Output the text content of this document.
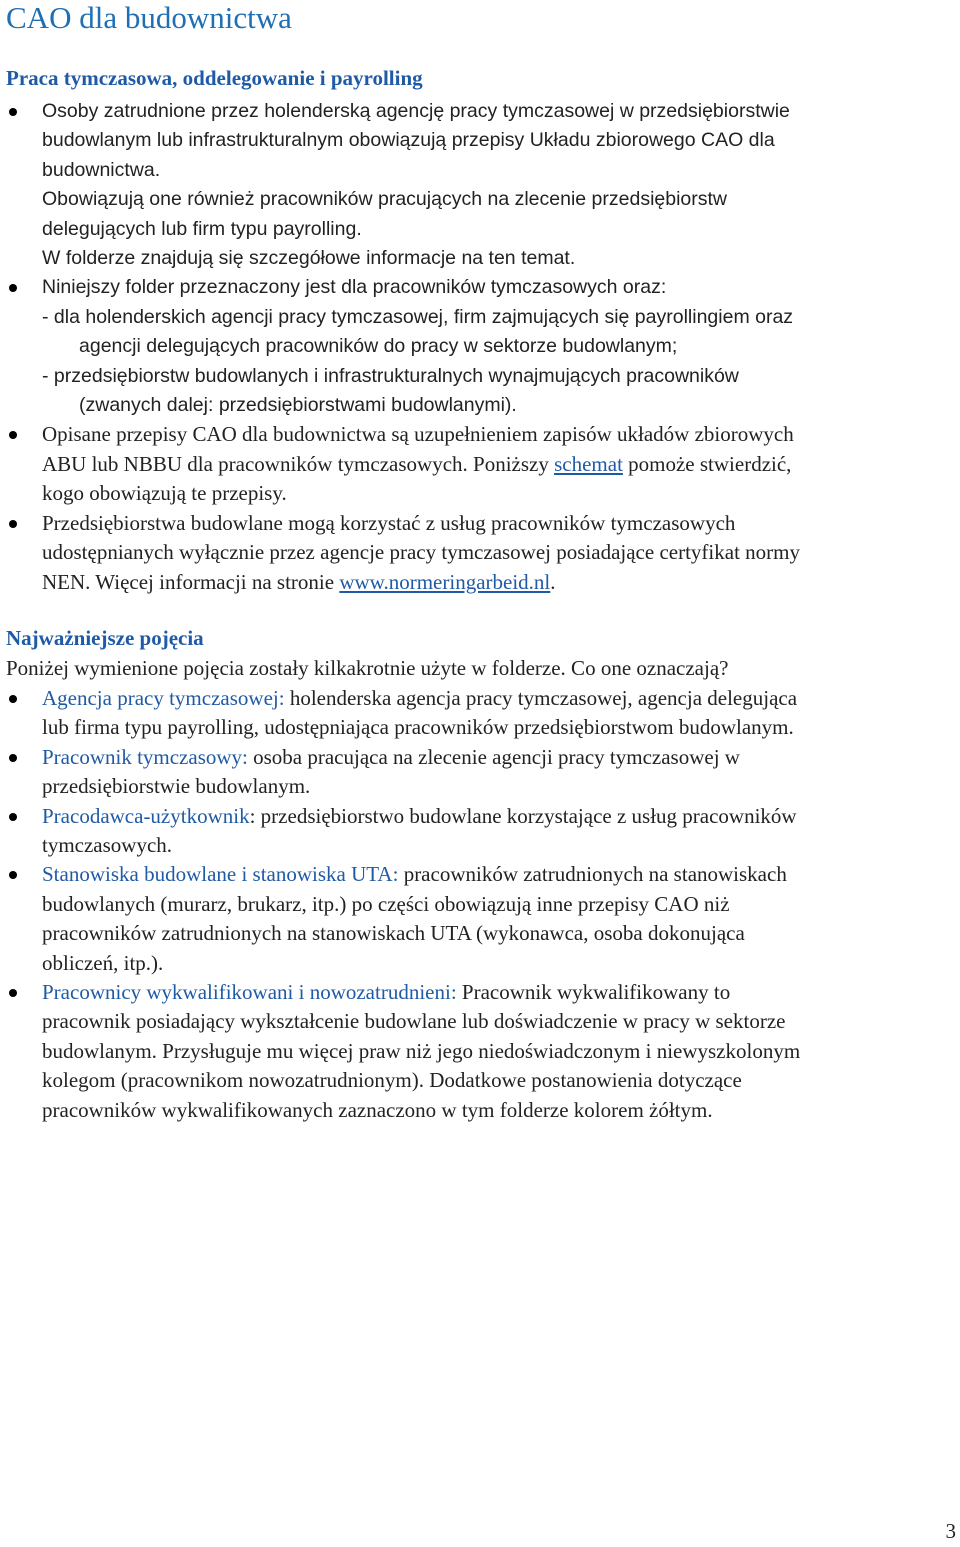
CAO dla budownictwa
Praca tymczasowa, oddelegowanie i payrolling
Osoby zatrudnione przez holenderską agencję pracy tymczasowej w przedsiębiorstwie
budowlanym lub infrastrukturalnym obowiązują przepisy Układu zbiorowego CAO dla
budownictwa.
Obowiązują one również pracowników pracujących na zlecenie przedsiębiorstw
delegujących lub firm typu payrolling.
W folderze znajdują się szczegółowe informacje na ten temat.
Niniejszy folder przeznaczony jest dla pracowników tymczasowych oraz:
- dla holenderskich agencji pracy tymczasowej, firm zajmujących się payrollingiem oraz
agencji delegujących pracowników do pracy w sektorze budowlanym;
- przedsiębiorstw budowlanych i infrastrukturalnych wynajmujących pracowników
(zwanych dalej: przedsiębiorstwami budowlanymi).
Opisane przepisy CAO dla budownictwa są uzupełnieniem zapisów układów zbiorowych
ABU lub NBBU dla pracowników tymczasowych. Poniższy schemat pomoże stwierdzić,
kogo obowiązują te przepisy.
Przedsiębiorstwa budowlane mogą korzystać z usług pracowników tymczasowych
udostępnianych wyłącznie przez agencje pracy tymczasowej posiadające certyfikat normy
NEN. Więcej informacji na stronie www.normeringarbeid.nl.
Najważniejsze pojęcia

Poniżej wymienione pojęcia zostały kilkakrotnie użyte w folderze. Co one oznaczają?

Agencja pracy tymczasowej: holenderska agencja pracy tymczasowej, agencja delegująca
lub firma typu payrolling, udostępniająca pracowników przedsiębiorstwom budowlanym.
Pracownik tymczasowy: osoba pracująca na zlecenie agencji pracy tymczasowej w
przedsiębiorstwie budowlanym.
Pracodawca-użytkownik: przedsiębiorstwo budowlane korzystające z usług pracowników
tymczasowych.
Stanowiska budowlane i stanowiska UTA: pracowników zatrudnionych na stanowiskach
budowlanych (murarz, brukarz, itp.) po części obowiązują inne przepisy CAO niż
pracowników zatrudnionych na stanowiskach UTA (wykonawca, osoba dokonująca
obliczeń, itp.).
Pracownicy wykwalifikowani i nowozatrudnieni: Pracownik wykwalifikowany to
pracownik posiadający wykształcenie budowlane lub doświadczenie w pracy w sektorze
budowlanym. Przysługuje mu więcej praw niż jego niedoświadczonym i niewyszkolonym
kolegom (pracownikom nowozatrudnionym). Dodatkowe postanowienia dotyczące
pracowników wykwalifikowanych zaznaczono w tym folderze kolorem żółtym.
3
